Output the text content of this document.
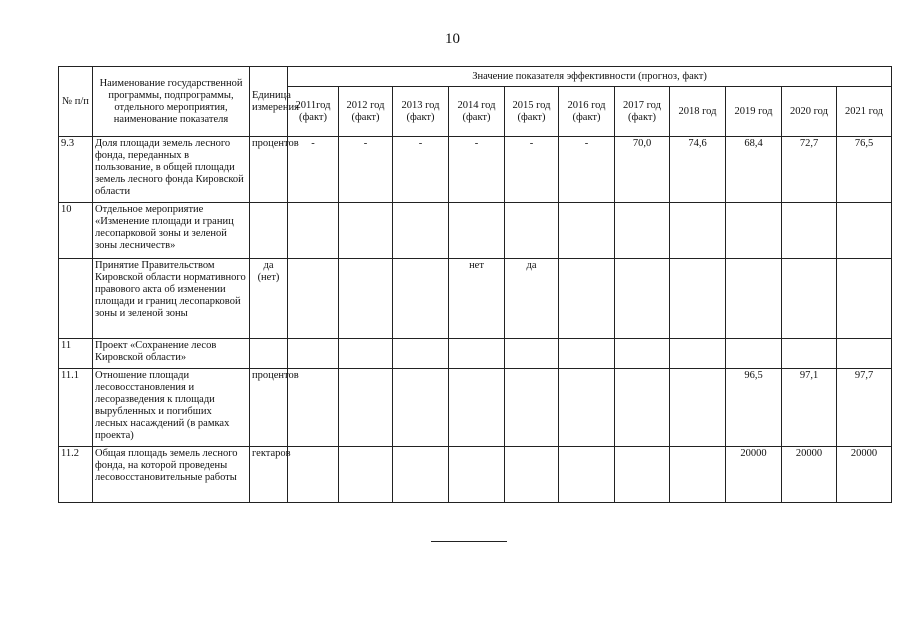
10
№ п/п	Наименование государственной программы, подпрограммы, отдельного мероприятия, наименование показателя	Единица измерения	Значение показателя эффективности (прогноз, факт)										
			2011год (факт)	2012 год (факт)	2013 год (факт)	2014 год (факт)	2015 год (факт)	2016 год (факт)	2017 год (факт)	2018 год	2019 год	2020 год	2021 год
9.3	Доля площади земель лесного фонда, переданных в пользование, в общей площади земель лесного фонда Кировской области	процентов	-	-	-	-	-	-	70,0	74,6	68,4	72,7	76,5
10	Отдельное мероприятие «Изменение площади и границ лесопарковой зоны и зеленой зоны лесничеств»												
	Принятие Правительством Кировской области нормативного правового акта об изменении площади и границ лесопарковой зоны и зеленой зоны	да (нет)				нет	да						
11	Проект «Сохранение лесов Кировской области»												
11.1	Отношение площади лесовосстановления и лесоразведения к площади вырубленных и погибших лесных насаждений (в рамках проекта)	процентов									96,5	97,1	97,7
11.2	Общая площадь земель лесного фонда, на которой проведены лесовосстановительные работы	гектаров									20000	20000	20000
